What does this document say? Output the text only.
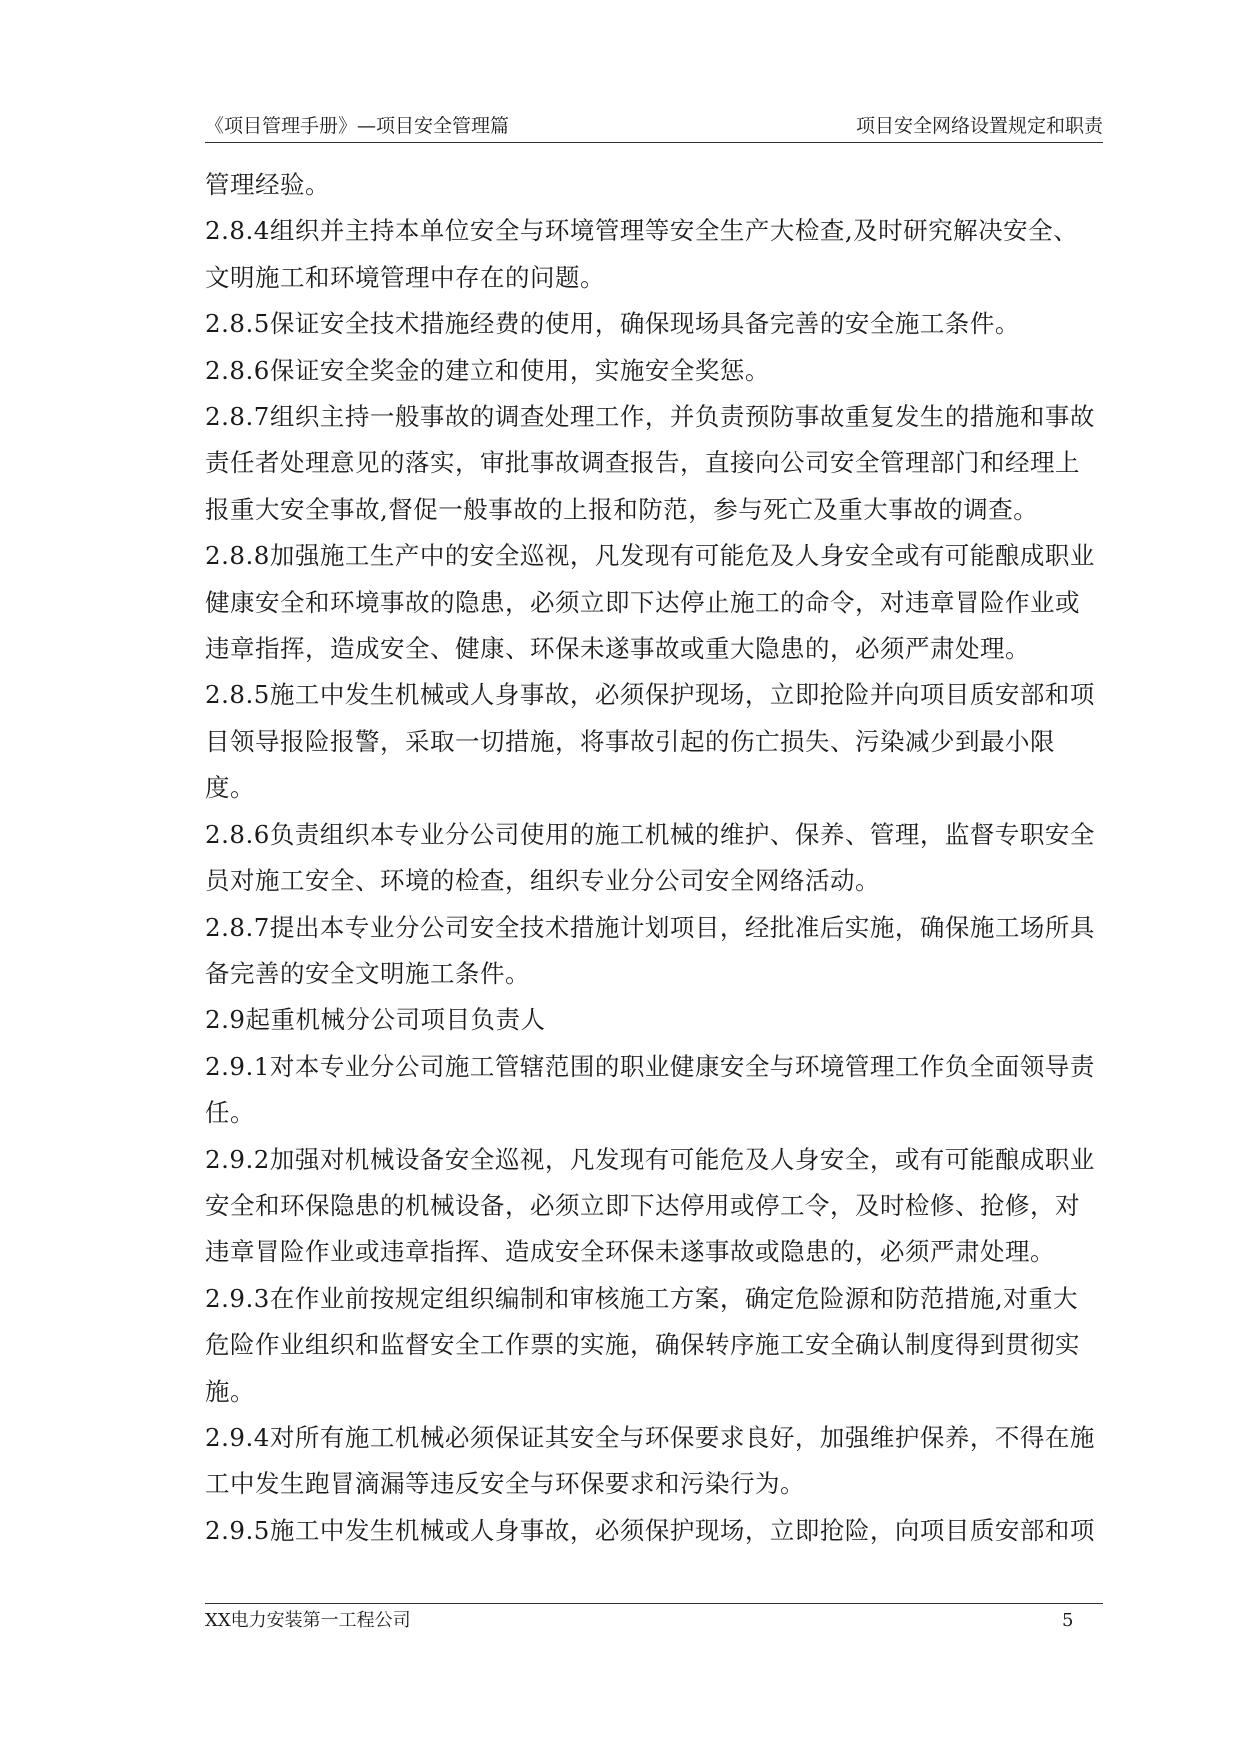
《项目管理手册》—项目安全管理篇	项目安全网络设置规定和职责

管理经验。

2.8.4组织并主持本单位安全与环境管理等安全生产大检查,及时研究解决安全、文明施工和环境管理中存在的问题。

2.8.5保证安全技术措施经费的使用，确保现场具备完善的安全施工条件。

2.8.6保证安全奖金的建立和使用，实施安全奖惩。

2.8.7组织主持一般事故的调查处理工作，并负责预防事故重复发生的措施和事故责任者处理意见的落实，审批事故调查报告，直接向公司安全管理部门和经理上报重大安全事故,督促一般事故的上报和防范，参与死亡及重大事故的调查。

2.8.8加强施工生产中的安全巡视，凡发现有可能危及人身安全或有可能酿成职业健康安全和环境事故的隐患，必须立即下达停止施工的命令，对违章冒险作业或违章指挥，造成安全、健康、环保未遂事故或重大隐患的，必须严肃处理。

2.8.5施工中发生机械或人身事故，必须保护现场，立即抢险并向项目质安部和项目领导报险报警，采取一切措施，将事故引起的伤亡损失、污染减少到最小限度。

2.8.6负责组织本专业分公司使用的施工机械的维护、保养、管理，监督专职安全员对施工安全、环境的检查，组织专业分公司安全网络活动。

2.8.7提出本专业分公司安全技术措施计划项目，经批准后实施，确保施工场所具备完善的安全文明施工条件。

2.9起重机械分公司项目负责人

2.9.1对本专业分公司施工管辖范围的职业健康安全与环境管理工作负全面领导责任。

2.9.2加强对机械设备安全巡视，凡发现有可能危及人身安全，或有可能酿成职业安全和环保隐患的机械设备，必须立即下达停用或停工令，及时检修、抢修，对违章冒险作业或违章指挥、造成安全环保未遂事故或隐患的，必须严肃处理。

2.9.3在作业前按规定组织编制和审核施工方案，确定危险源和防范措施,对重大危险作业组织和监督安全工作票的实施，确保转序施工安全确认制度得到贯彻实施。

2.9.4对所有施工机械必须保证其安全与环保要求良好，加强维护保养，不得在施工中发生跑冒滴漏等违反安全与环保要求和污染行为。

2.9.5施工中发生机械或人身事故，必须保护现场，立即抢险，向项目质安部和项

XX电力安装第一工程公司	5
